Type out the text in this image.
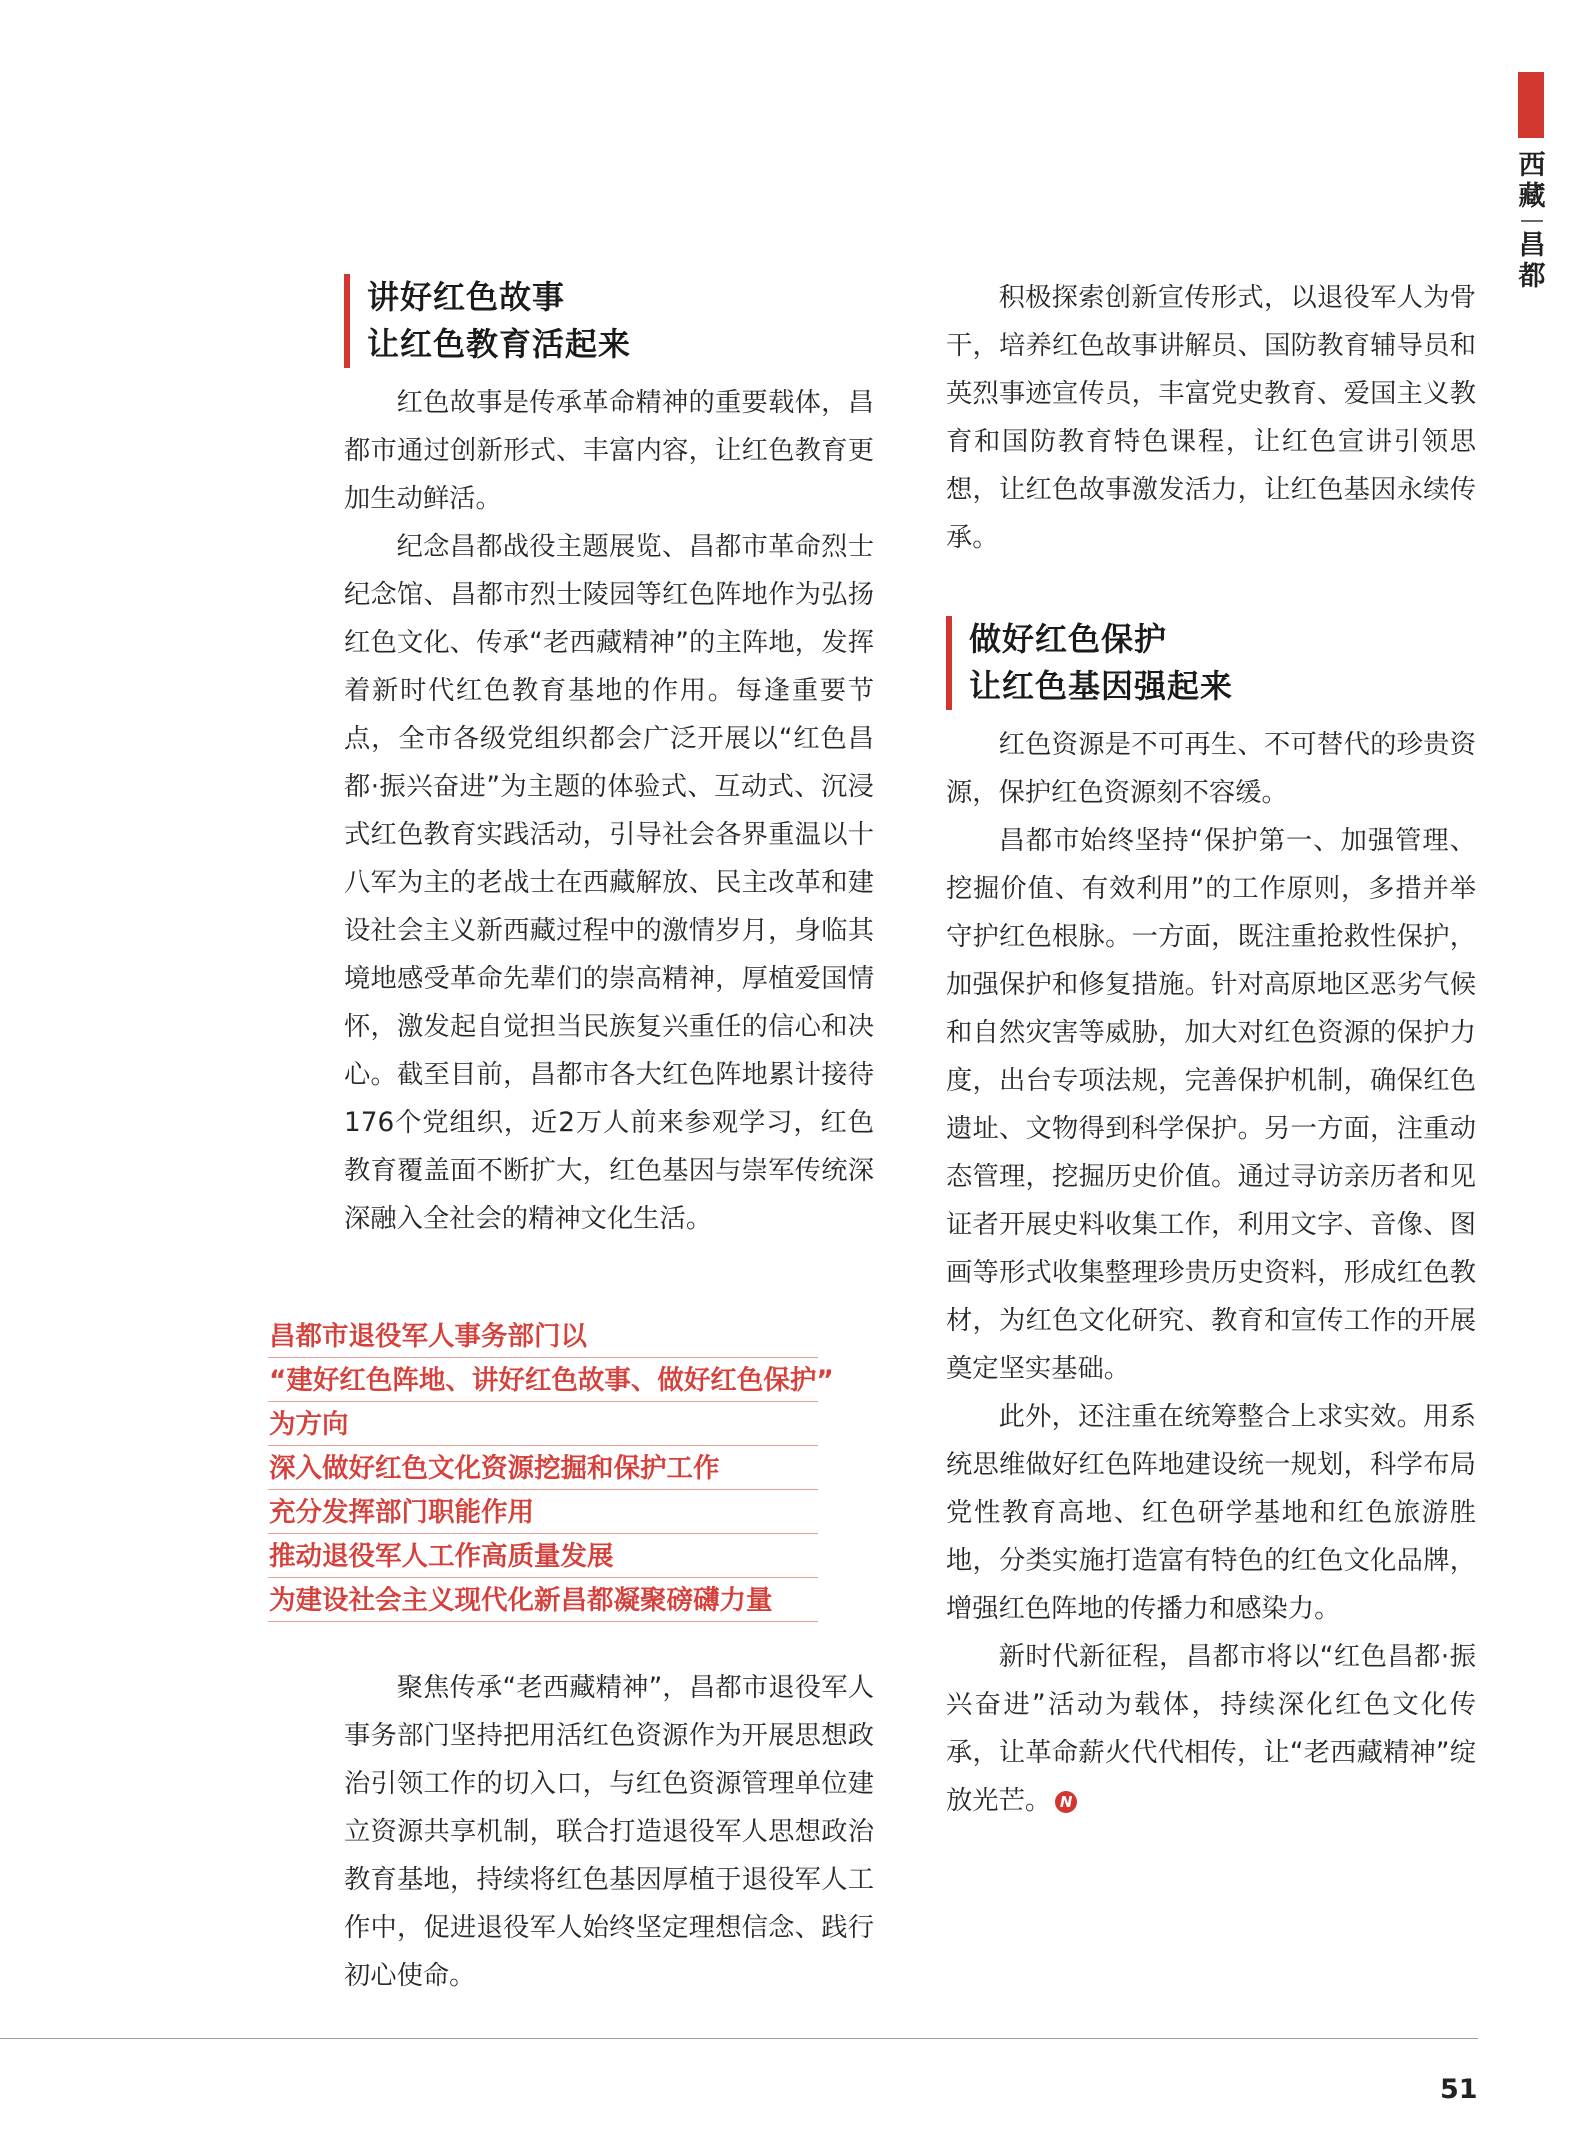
西藏
昌都
讲好红色故事
让红色教育活起来

红色故事是传承革命精神的重要载体，昌都市通过创新形式、丰富内容，让红色教育更加生动鲜活。

纪念昌都战役主题展览、昌都市革命烈士纪念馆、昌都市烈士陵园等红色阵地作为弘扬红色文化、传承“老西藏精神”的主阵地，发挥着新时代红色教育基地的作用。每逢重要节点，全市各级党组织都会广泛开展以“红色昌都·振兴奋进”为主题的体验式、互动式、沉浸式红色教育实践活动，引导社会各界重温以十八军为主的老战士在西藏解放、民主改革和建设社会主义新西藏过程中的激情岁月，身临其境地感受革命先辈们的崇高精神，厚植爱国情怀，激发起自觉担当民族复兴重任的信心和决心。截至目前，昌都市各大红色阵地累计接待176个党组织，近2万人前来参观学习，红色教育覆盖面不断扩大，红色基因与崇军传统深深融入全社会的精神文化生活。

昌都市退役军人事务部门以
“建好红色阵地、讲好红色故事、做好红色保护”
为方向
深入做好红色文化资源挖掘和保护工作
充分发挥部门职能作用
推动退役军人工作高质量发展
为建设社会主义现代化新昌都凝聚磅礴力量

聚焦传承“老西藏精神”，昌都市退役军人事务部门坚持把用活红色资源作为开展思想政治引领工作的切入口，与红色资源管理单位建立资源共享机制，联合打造退役军人思想政治教育基地，持续将红色基因厚植于退役军人工作中，促进退役军人始终坚定理想信念、践行初心使命。

积极探索创新宣传形式，以退役军人为骨干，培养红色故事讲解员、国防教育辅导员和英烈事迹宣传员，丰富党史教育、爱国主义教育和国防教育特色课程，让红色宣讲引领思想，让红色故事激发活力，让红色基因永续传承。

做好红色保护
让红色基因强起来

红色资源是不可再生、不可替代的珍贵资源，保护红色资源刻不容缓。

昌都市始终坚持“保护第一、加强管理、挖掘价值、有效利用”的工作原则，多措并举守护红色根脉。一方面，既注重抢救性保护，加强保护和修复措施。针对高原地区恶劣气候和自然灾害等威胁，加大对红色资源的保护力度，出台专项法规，完善保护机制，确保红色遗址、文物得到科学保护。另一方面，注重动态管理，挖掘历史价值。通过寻访亲历者和见证者开展史料收集工作，利用文字、音像、图画等形式收集整理珍贵历史资料，形成红色教材，为红色文化研究、教育和宣传工作的开展奠定坚实基础。

此外，还注重在统筹整合上求实效。用系统思维做好红色阵地建设统一规划，科学布局党性教育高地、红色研学基地和红色旅游胜地，分类实施打造富有特色的红色文化品牌，增强红色阵地的传播力和感染力。

新时代新征程，昌都市将以“红色昌都·振兴奋进”活动为载体，持续深化红色文化传承，让革命薪火代代相传，让“老西藏精神”绽放光芒。 N

51
